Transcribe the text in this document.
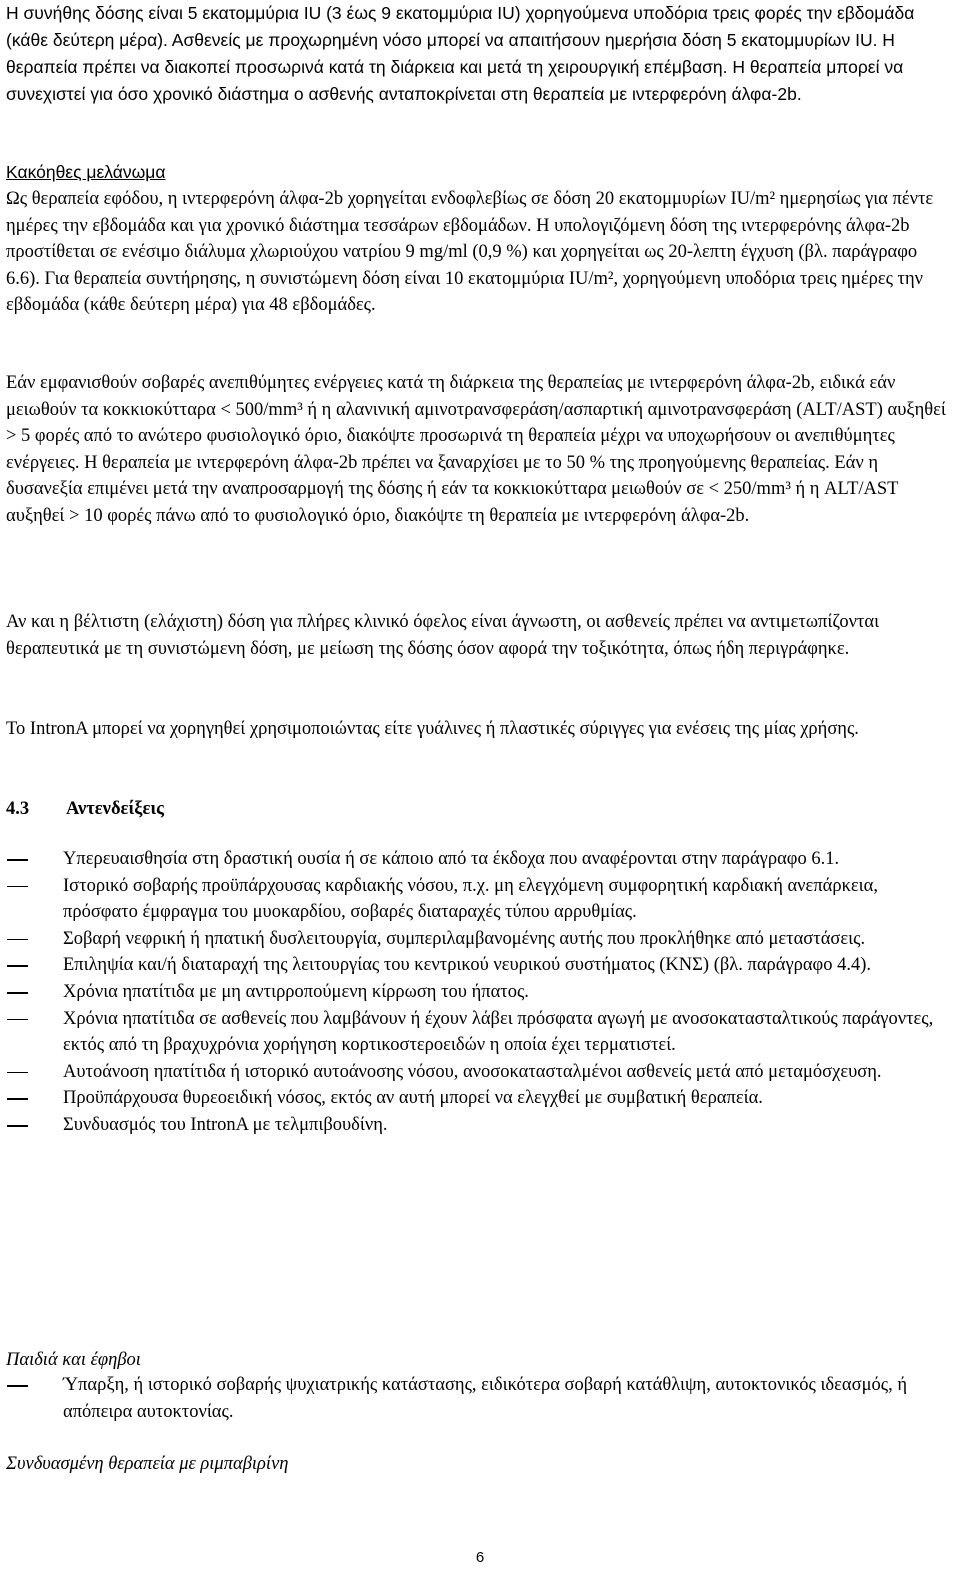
Η συνήθης δόσης είναι 5 εκατομμύρια IU (3 έως 9 εκατομμύρια IU) χορηγούμενα υποδόρια τρεις φορές την εβδομάδα (κάθε δεύτερη μέρα). Ασθενείς με προχωρημένη νόσο μπορεί να απαιτήσουν ημερήσια δόση 5 εκατομμυρίων IU. Η θεραπεία πρέπει να διακοπεί προσωρινά κατά τη διάρκεια και μετά τη χειρουργική επέμβαση. Η θεραπεία μπορεί να συνεχιστεί για όσο χρονικό διάστημα ο ασθενής ανταποκρίνεται στη θεραπεία με ιντερφερόνη άλφα-2b.

Κακόηθες μελάνωμα

Ως θεραπεία εφόδου, η ιντερφερόνη άλφα-2b χορηγείται ενδοφλεβίως σε δόση 20 εκατομμυρίων IU/m² ημερησίως για πέντε ημέρες την εβδομάδα και για χρονικό διάστημα τεσσάρων εβδομάδων. Η υπολογιζόμενη δόση της ιντερφερόνης άλφα-2b προστίθεται σε ενέσιμο διάλυμα χλωριούχου νατρίου 9 mg/ml (0,9 %) και χορηγείται ως 20-λεπτη έγχυση (βλ. παράγραφο 6.6). Για θεραπεία συντήρησης, η συνιστώμενη δόση είναι 10 εκατομμύρια IU/m², χορηγούμενη υποδόρια τρεις ημέρες την εβδομάδα (κάθε δεύτερη μέρα) για 48 εβδομάδες.

Εάν εμφανισθούν σοβαρές ανεπιθύμητες ενέργειες κατά τη διάρκεια της θεραπείας με ιντερφερόνη άλφα-2b, ειδικά εάν μειωθούν τα κοκκιοκύτταρα < 500/mm³ ή η αλανινική αμινοτρανσφεράση/ασπαρτική αμινοτρανσφεράση (ALT/AST) αυξηθεί > 5 φορές από το ανώτερο φυσιολογικό όριο, διακόψτε προσωρινά τη θεραπεία μέχρι να υποχωρήσουν οι ανεπιθύμητες ενέργειες. Η θεραπεία με ιντερφερόνη άλφα-2b πρέπει να ξαναρχίσει με το 50 % της προηγούμενης θεραπείας. Εάν η δυσανεξία επιμένει μετά την αναπροσαρμογή της δόσης ή εάν τα κοκκιοκύτταρα μειωθούν σε < 250/mm³ ή η ALT/AST αυξηθεί > 10 φορές πάνω από το φυσιολογικό όριο, διακόψτε τη θεραπεία με ιντερφερόνη άλφα-2b.

Αν και η βέλτιστη (ελάχιστη) δόση για πλήρες κλινικό όφελος είναι άγνωστη, οι ασθενείς πρέπει να αντιμετωπίζονται θεραπευτικά με τη συνιστώμενη δόση, με μείωση της δόσης όσον αφορά την τοξικότητα, όπως ήδη περιγράφηκε.

Το IntronA μπορεί να χορηγηθεί χρησιμοποιώντας είτε γυάλινες ή πλαστικές σύριγγες για ενέσεις της μίας χρήσης.

4.3 Αντενδείξεις
Υπερευαισθησία στη δραστική ουσία ή σε κάποιο από τα έκδοχα που αναφέρονται στην παράγραφο 6.1.
Ιστορικό σοβαρής προϋπάρχουσας καρδιακής νόσου, π.χ. μη ελεγχόμενη συμφορητική καρδιακή ανεπάρκεια, πρόσφατο έμφραγμα του μυοκαρδίου, σοβαρές διαταραχές τύπου αρρυθμίας.
Σοβαρή νεφρική ή ηπατική δυσλειτουργία, συμπεριλαμβανομένης αυτής που προκλήθηκε από μεταστάσεις.
Επιληψία και/ή διαταραχή της λειτουργίας του κεντρικού νευρικού συστήματος (ΚΝΣ) (βλ. παράγραφο 4.4).
Χρόνια ηπατίτιδα με μη αντιρροπούμενη κίρρωση του ήπατος.
Χρόνια ηπατίτιδα σε ασθενείς που λαμβάνουν ή έχουν λάβει πρόσφατα αγωγή με ανοσοκατασταλτικούς παράγοντες, εκτός από τη βραχυχρόνια χορήγηση κορτικοστεροειδών η οποία έχει τερματιστεί.
Αυτοάνοση ηπατίτιδα ή ιστορικό αυτοάνοσης νόσου, ανοσοκατασταλμένοι ασθενείς μετά από μεταμόσχευση.
Προϋπάρχουσα θυρεοειδική νόσος, εκτός αν αυτή μπορεί να ελεγχθεί με συμβατική θεραπεία.
Συνδυασμός του IntronA με τελμπιβουδίνη.
Παιδιά και έφηβοι
Ύπαρξη, ή ιστορικό σοβαρής ψυχιατρικής κατάστασης, ειδικότερα σοβαρή κατάθλιψη, αυτοκτονικός ιδεασμός, ή απόπειρα αυτοκτονίας.
Συνδυασμένη θεραπεία με ριμπαβιρίνη
6
